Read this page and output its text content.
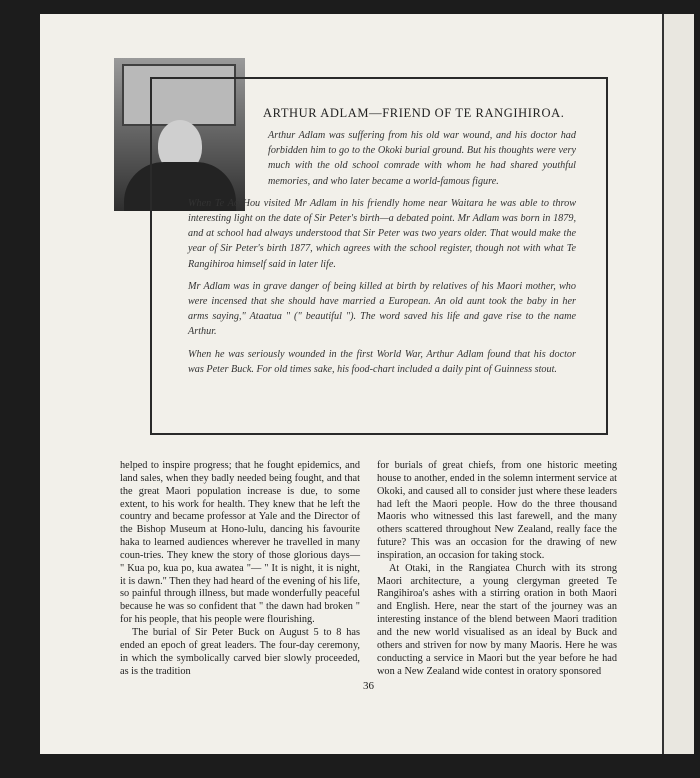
ARTHUR ADLAM—FRIEND OF TE RANGIHIROA.

Arthur Adlam was suffering from his old war wound, and his doctor had forbidden him to go to the Okoki burial ground. But his thoughts were very much with the old school comrade with whom he had shared youthful memories, and who later became a world-famous figure.

When Te Ao Hou visited Mr Adlam in his friendly home near Waitara he was able to throw interesting light on the date of Sir Peter's birth—a debated point. Mr Adlam was born in 1879, and at school had always understood that Sir Peter was two years older. That would make the year of Sir Peter's birth 1877, which agrees with the school register, though not with what Te Rangihiroa himself said in later life.

Mr Adlam was in grave danger of being killed at birth by relatives of his Maori mother, who were incensed that she should have married a European. An old aunt took the baby in her arms saying," Ataatua " (" beautiful "). The word saved his life and gave rise to the name Arthur.

When he was seriously wounded in the first World War, Arthur Adlam found that his doctor was Peter Buck. For old times sake, his food-chart included a daily pint of Guinness stout.

helped to inspire progress; that he fought epidemics, and land sales, when they badly needed being fought, and that the great Maori population increase is due, to some extent, to his work for health. They knew that he left the country and became professor at Yale and the Director of the Bishop Museum at Hono-lulu, dancing his favourite haka to learned audiences wherever he travelled in many coun-tries. They knew the story of those glorious days— " Kua po, kua po, kua awatea "— " It is night, it is night, it is dawn." Then they had heard of the evening of his life, so painful through illness, but made wonderfully peaceful because he was so confident that " the dawn had broken " for his people, that his people were flourishing.

The burial of Sir Peter Buck on August 5 to 8 has ended an epoch of great leaders. The four-day ceremony, in which the symbolically carved bier slowly proceeded, as is the tradition

for burials of great chiefs, from one historic meeting house to another, ended in the solemn interment service at Okoki, and caused all to consider just where these leaders had left the Maori people. How do the three thousand Maoris who witnessed this last farewell, and the many others scattered throughout New Zealand, really face the future? This was an occasion for the drawing of new inspiration, an occasion for taking stock.

At Otaki, in the Rangiatea Church with its strong Maori architecture, a young clergyman greeted Te Rangihiroa's ashes with a stirring oration in both Maori and English. Here, near the start of the journey was an interesting instance of the blend between Maori tradition and the new world visualised as an ideal by Buck and others and striven for now by many Maoris. Here he was conducting a service in Maori but the year before he had won a New Zealand wide contest in oratory sponsored

36
